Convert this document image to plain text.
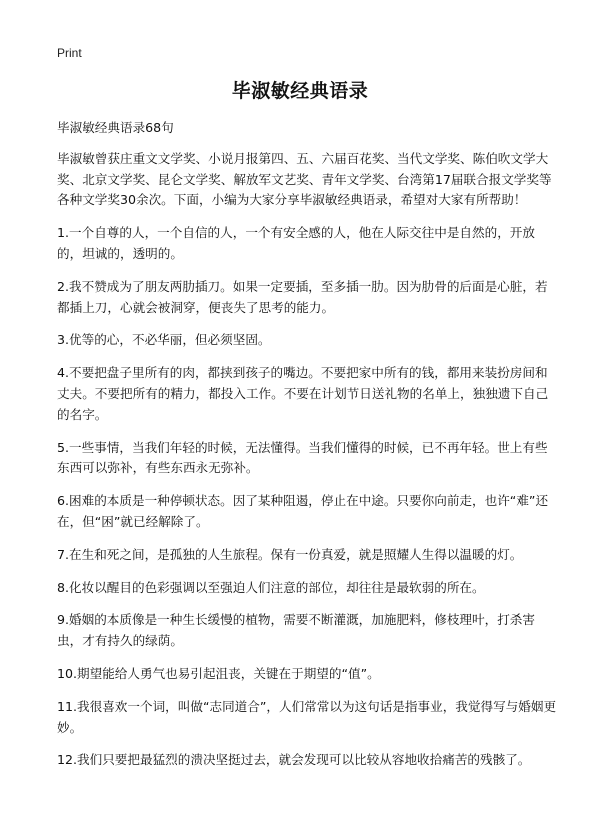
Print
毕淑敏经典语录

毕淑敏经典语录68句

毕淑敏曾获庄重文文学奖、小说月报第四、五、六届百花奖、当代文学奖、陈伯吹文学大奖、北京文学奖、昆仑文学奖、解放军文艺奖、青年文学奖、台湾第17届联合报文学奖等各种文学奖30余次。下面，小编为大家分享毕淑敏经典语录，希望对大家有所帮助！

1.一个自尊的人，一个自信的人，一个有安全感的人，他在人际交往中是自然的，开放的，坦诚的，透明的。

2.我不赞成为了朋友两肋插刀。如果一定要插，至多插一肋。因为肋骨的后面是心脏，若都插上刀，心就会被洞穿，便丧失了思考的能力。

3.优等的心，不必华丽，但必须坚固。

4.不要把盘子里所有的肉，都挟到孩子的嘴边。不要把家中所有的钱，都用来装扮房间和丈夫。不要把所有的精力，都投入工作。不要在计划节日送礼物的名单上，独独遗下自己的名字。

5.一些事情，当我们年轻的时候，无法懂得。当我们懂得的时候，已不再年轻。世上有些东西可以弥补，有些东西永无弥补。

6.困难的本质是一种停顿状态。因了某种阻遏，停止在中途。只要你向前走，也许“难”还在，但“困”就已经解除了。

7.在生和死之间，是孤独的人生旅程。保有一份真爱，就是照耀人生得以温暖的灯。

8.化妆以醒目的色彩强调以至强迫人们注意的部位，却往往是最软弱的所在。

9.婚姻的本质像是一种生长缓慢的植物，需要不断灌溉，加施肥料，修枝理叶，打杀害虫，才有持久的绿荫。

10.期望能给人勇气也易引起沮丧，关键在于期望的“值”。

11.我很喜欢一个词，叫做“志同道合”，人们常常以为这句话是指事业，我觉得写与婚姻更妙。

12.我们只要把最猛烈的溃决坚挺过去，就会发现可以比较从容地收拾痛苦的残骸了。
